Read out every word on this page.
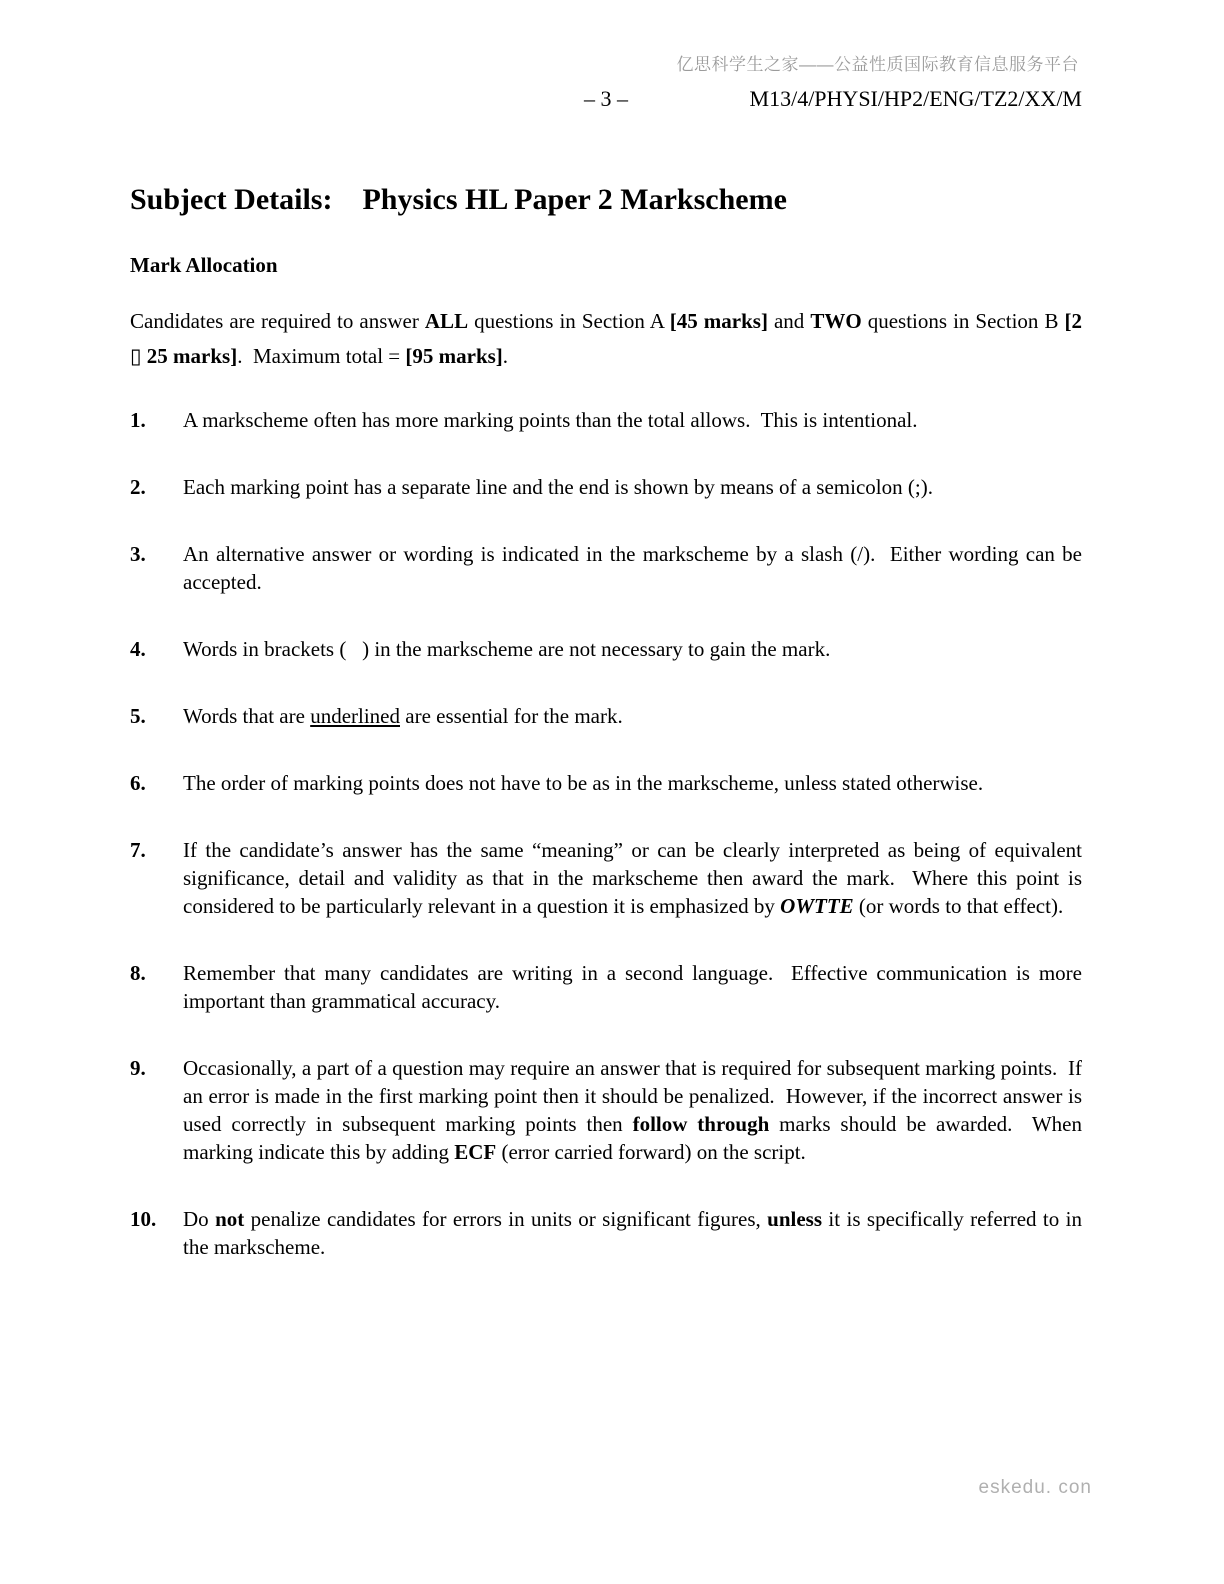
亿思科学生之家——公益性质国际教育信息服务平台
– 3 –	M13/4/PHYSI/HP2/ENG/TZ2/XX/M
Subject Details: Physics HL Paper 2 Markscheme
Mark Allocation

Candidates are required to answer ALL questions in Section A [45 marks] and TWO questions in Section B [2 ▯ 25 marks].  Maximum total = [95 marks].

1.	A markscheme often has more marking points than the total allows.  This is intentional.
2.	Each marking point has a separate line and the end is shown by means of a semicolon (;).
3.	An alternative answer or wording is indicated in the markscheme by a slash (/).  Either wording can be accepted.
4.	Words in brackets (   ) in the markscheme are not necessary to gain the mark.
5.	Words that are underlined are essential for the mark.
6.	The order of marking points does not have to be as in the markscheme, unless stated otherwise.
7.	If the candidate’s answer has the same “meaning” or can be clearly interpreted as being of equivalent significance, detail and validity as that in the markscheme then award the mark.  Where this point is considered to be particularly relevant in a question it is emphasized by OWTTE (or words to that effect).
8.	Remember that many candidates are writing in a second language.  Effective communication is more important than grammatical accuracy.
9.	Occasionally, a part of a question may require an answer that is required for subsequent marking points.  If an error is made in the first marking point then it should be penalized.  However, if the incorrect answer is used correctly in subsequent marking points then follow through marks should be awarded.  When marking indicate this by adding ECF (error carried forward) on the script.
10.	Do not penalize candidates for errors in units or significant figures, unless it is specifically referred to in the markscheme.
eskedu. con
